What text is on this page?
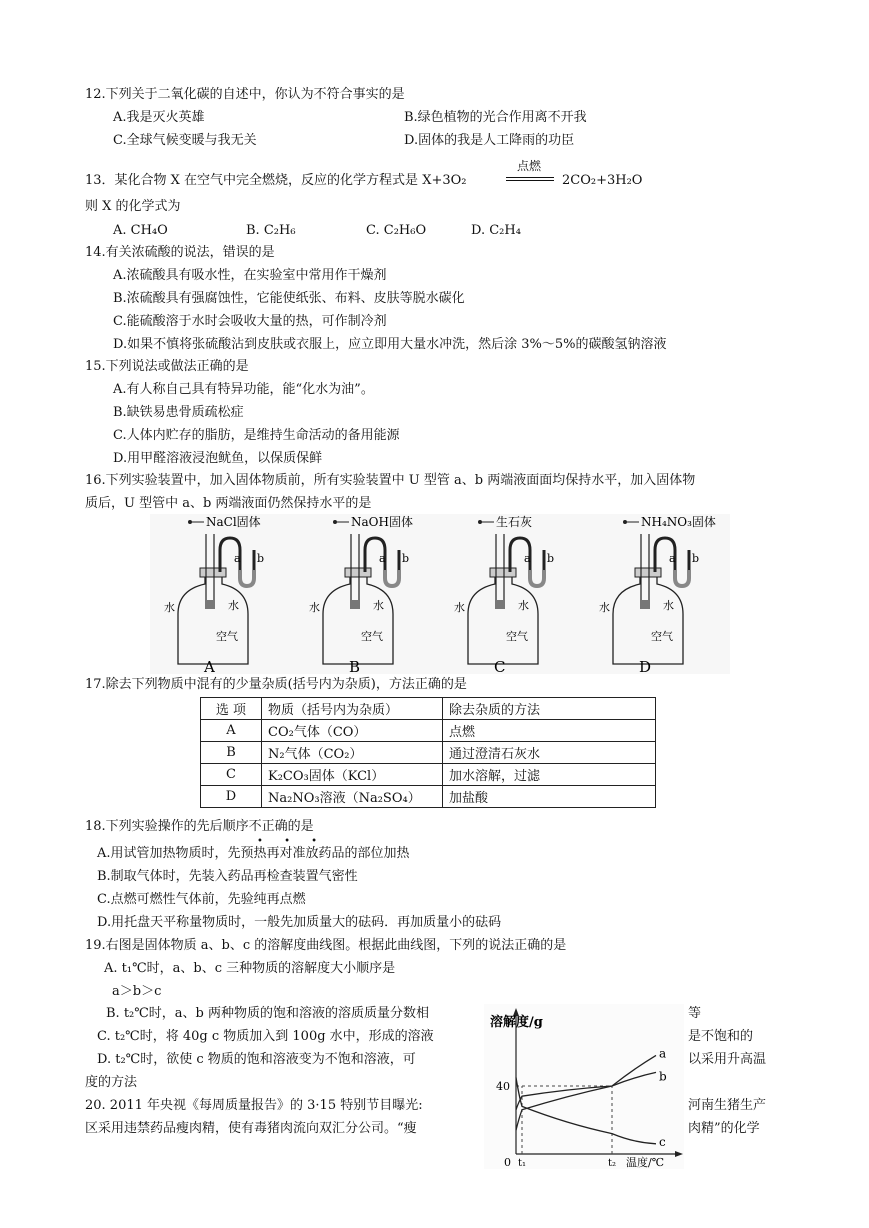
12.下列关于二氧化碳的自述中，你认为不符合事实的是
A.我是灭火英雄	B.绿色植物的光合作用离不开我
C.全球气候变暖与我无关	D.固体的我是人工降雨的功臣
13．某化合物 X 在空气中完全燃烧，反应的化学方程式是 X+3O₂
点燃
2CO₂+3H₂O
则 X 的化学式为
A. CH₄O	B. C₂H₆	C. C₂H₆O	D. C₂H₄
14.有关浓硫酸的说法，错误的是
A.浓硫酸具有吸水性，在实验室中常用作干燥剂
B.浓硫酸具有强腐蚀性，它能使纸张、布料、皮肤等脱水碳化
C.能硫酸溶于水时会吸收大量的热，可作制冷剂
D.如果不慎将张硫酸沾到皮肤或衣服上，应立即用大量水冲洗，然后涂 3%～5%的碳酸氢钠溶液
15.下列说法或做法正确的是
A.有人称自己具有特异功能，能“化水为油”。
B.缺铁易患骨质疏松症
C.人体内贮存的脂肪，是维持生命活动的备用能源
D.用甲醛溶液浸泡鱿鱼，以保质保鲜
16.下列实验装置中，加入固体物质前，所有实验装置中 U 型管 a、b 两端液面面均保持水平，加入固体物
质后，U 型管中 a、b 两端液面仍然保持水平的是
NaCl固体
水	水
a b
空气
A
NaOH固体
水	水
a b
空气
B
生石灰
水	水
a b
空气
C
NH₄NO₃固体
水	水
a b
空气
D
17.除去下列物质中混有的少量杂质(括号内为杂质)，方法正确的是
选 项	物质（括号内为杂质）	除去杂质的方法
A	CO₂气体（CO）	点燃
B	N₂气体（CO₂）	通过澄清石灰水
C	K₂CO₃固体（KCl）	加水溶解，过滤
D	Na₂NO₃溶液（Na₂SO₄）	加盐酸
18.下列实验操作的先后顺序不正确的是
• • •
A.用试管加热物质时，先预热再对准放药品的部位加热
B.制取气体时，先装入药品再检查装置气密性
C.点燃可燃性气体前，先验纯再点燃
D.用托盘天平称量物质时，一般先加质量大的砝码．再加质量小的砝码
19.右图是固体物质 a、b、c 的溶解度曲线图。根据此曲线图，下列的说法正确的是
A. t₁℃时，a、b、c 三种物质的溶解度大小顺序是
a＞b＞c
B. t₂℃时，a、b 两种物质的饱和溶液的溶质质量分数相	等
C. t₂℃时，将 40g c 物质加入到 100g 水中，形成的溶液	是不饱和的
D. t₂℃时，欲使 c 物质的饱和溶液变为不饱和溶液，可	以采用升高温
度的方法
20. 2011 年央视《每周质量报告》的 3·15 特别节目曝光:	河南生猪生产
区采用违禁药品瘦肉精，使有毒猪肉流向双汇分公司。“瘦	肉精”的化学
溶解度/g
40
0 t₁	t₂
a
b
c
温度/℃
